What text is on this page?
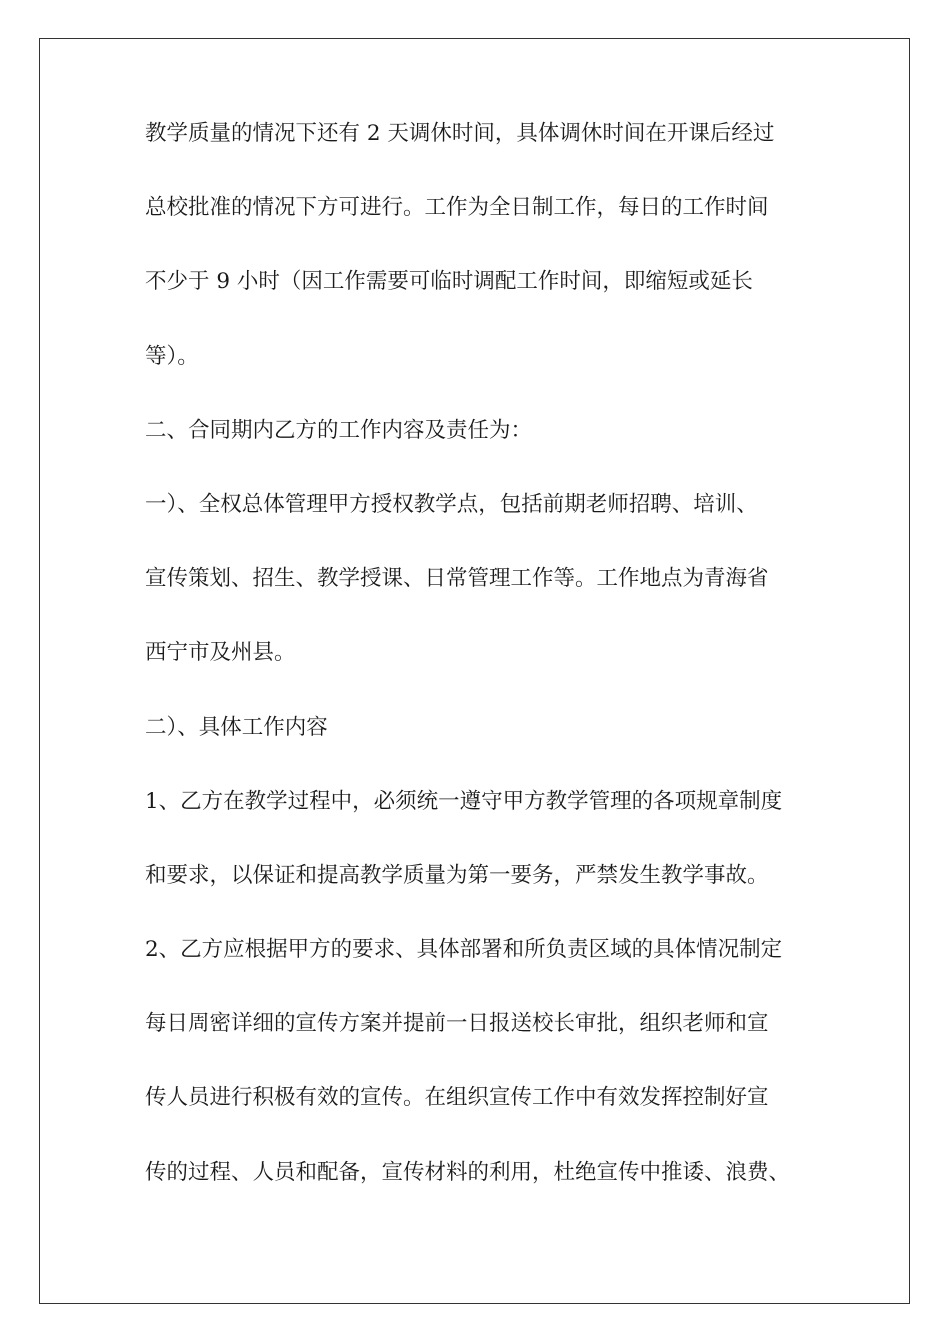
教学质量的情况下还有 2 天调休时间，具体调休时间在开课后经过

总校批准的情况下方可进行。工作为全日制工作，每日的工作时间

不少于 9 小时（因工作需要可临时调配工作时间，即缩短或延长

等）。

二、合同期内乙方的工作内容及责任为：

一）、全权总体管理甲方授权教学点，包括前期老师招聘、培训、

宣传策划、招生、教学授课、日常管理工作等。工作地点为青海省

西宁市及州县。

二）、具体工作内容

1、乙方在教学过程中，必须统一遵守甲方教学管理的各项规章制度

和要求，以保证和提高教学质量为第一要务，严禁发生教学事故。

2、乙方应根据甲方的要求、具体部署和所负责区域的具体情况制定

每日周密详细的宣传方案并提前一日报送校长审批，组织老师和宣

传人员进行积极有效的宣传。在组织宣传工作中有效发挥控制好宣

传的过程、人员和配备，宣传材料的利用，杜绝宣传中推诿、浪费、
